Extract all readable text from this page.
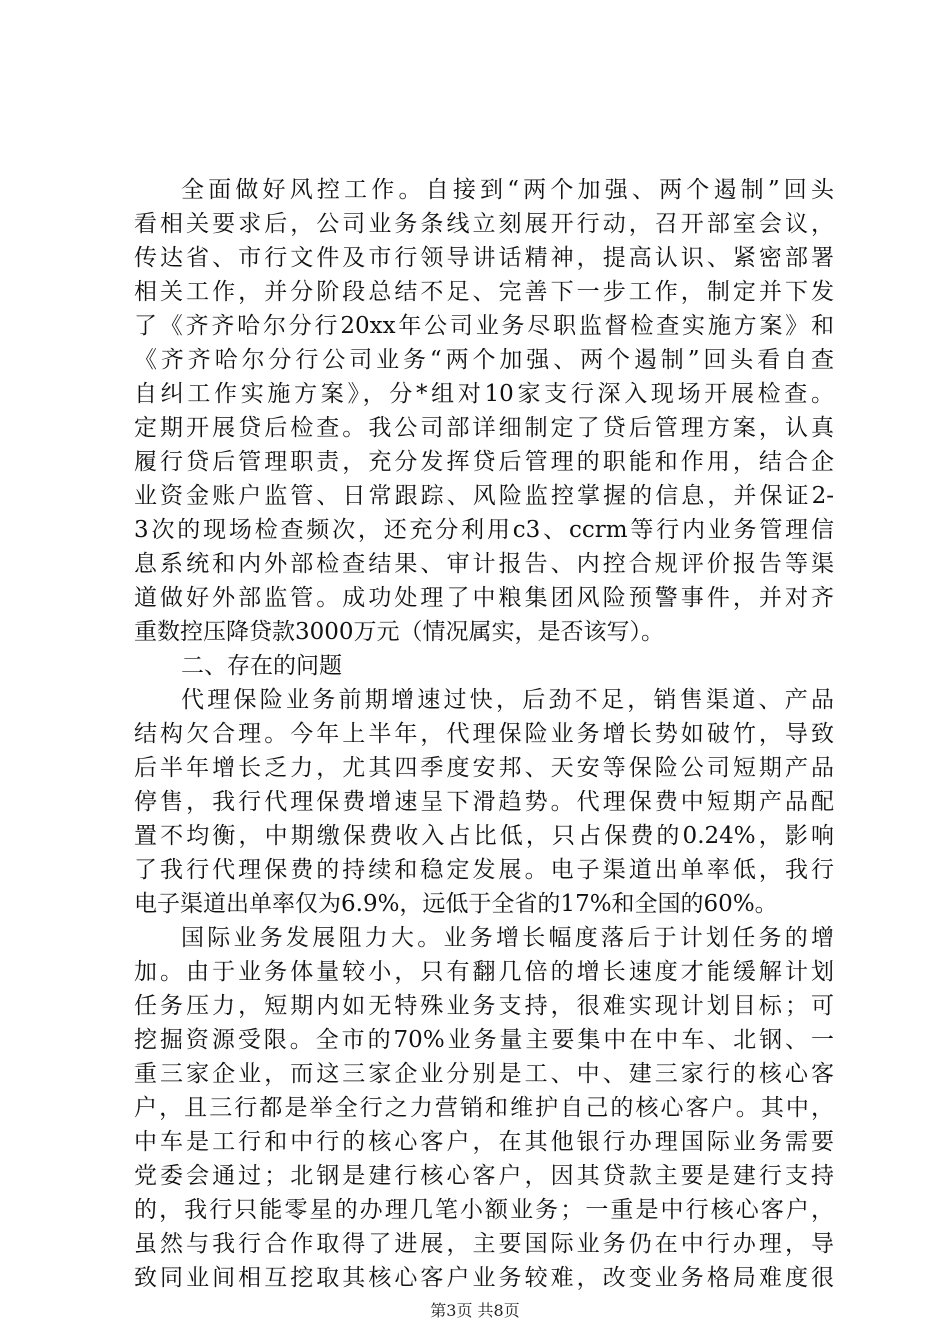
全面做好风控工作。自接到“两个加强、两个遏制”回头
看相关要求后，公司业务条线立刻展开行动，召开部室会议，
传达省、市行文件及市行领导讲话精神，提高认识、紧密部署
相关工作，并分阶段总结不足、完善下一步工作，制定并下发
了《齐齐哈尔分行20xx年公司业务尽职监督检查实施方案》和
《齐齐哈尔分行公司业务“两个加强、两个遏制”回头看自查
自纠工作实施方案》，分*组对10家支行深入现场开展检查。
定期开展贷后检查。我公司部详细制定了贷后管理方案，认真
履行贷后管理职责，充分发挥贷后管理的职能和作用，结合企
业资金账户监管、日常跟踪、风险监控掌握的信息，并保证2-
3次的现场检查频次，还充分利用c3、ccrm等行内业务管理信
息系统和内外部检查结果、审计报告、内控合规评价报告等渠
道做好外部监管。成功处理了中粮集团风险预警事件，并对齐
重数控压降贷款3000万元（情况属实，是否该写）。
二、存在的问题
代理保险业务前期增速过快，后劲不足，销售渠道、产品
结构欠合理。今年上半年，代理保险业务增长势如破竹，导致
后半年增长乏力，尤其四季度安邦、天安等保险公司短期产品
停售，我行代理保费增速呈下滑趋势。代理保费中短期产品配
置不均衡，中期缴保费收入占比低，只占保费的0.24%，影响
了我行代理保费的持续和稳定发展。电子渠道出单率低，我行
电子渠道出单率仅为6.9%，远低于全省的17%和全国的60%。
国际业务发展阻力大。业务增长幅度落后于计划任务的增
加。由于业务体量较小，只有翻几倍的增长速度才能缓解计划
任务压力，短期内如无特殊业务支持，很难实现计划目标；可
挖掘资源受限。全市的70%业务量主要集中在中车、北钢、一
重三家企业，而这三家企业分别是工、中、建三家行的核心客
户，且三行都是举全行之力营销和维护自己的核心客户。其中，
中车是工行和中行的核心客户，在其他银行办理国际业务需要
党委会通过；北钢是建行核心客户，因其贷款主要是建行支持
的，我行只能零星的办理几笔小额业务；一重是中行核心客户，
虽然与我行合作取得了进展，主要国际业务仍在中行办理，导
致同业间相互挖取其核心客户业务较难，改变业务格局难度很
第3页 共8页
